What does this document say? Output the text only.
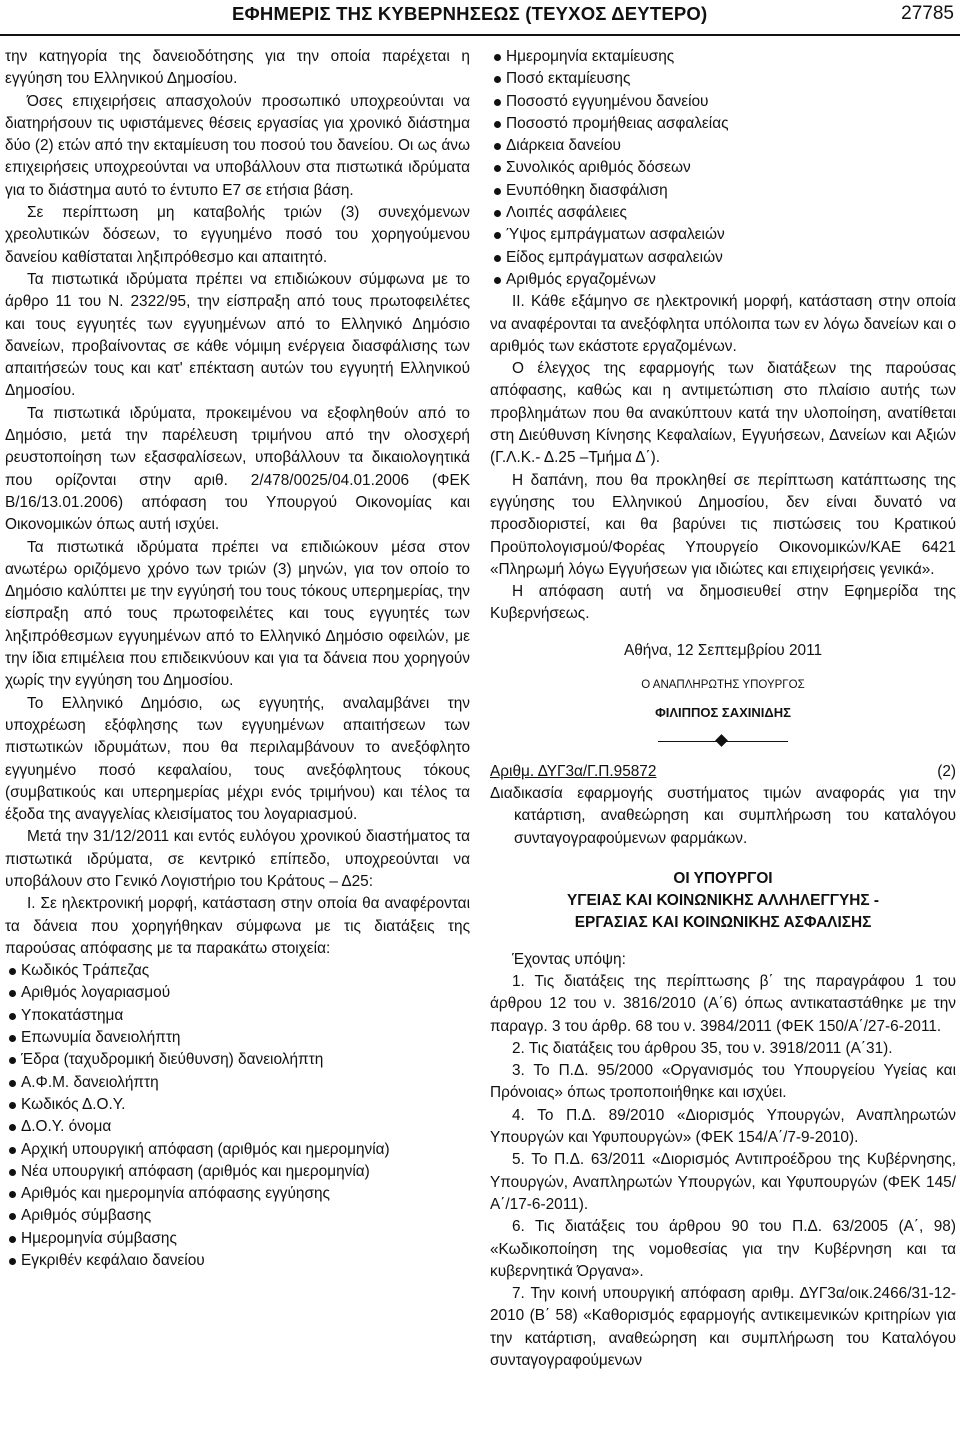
ΕΦΗΜΕΡΙΣ ΤΗΣ ΚΥΒΕΡΝΗΣΕΩΣ (ΤΕΥΧΟΣ ΔΕΥΤΕΡΟ)	27785

την κατηγορία της δανειοδότησης για την οποία παρέχεται η εγγύηση του Ελληνικού Δημοσίου.

Όσες επιχειρήσεις απασχολούν προσωπικό υποχρεούνται να διατηρήσουν τις υφιστάμενες θέσεις εργασίας για χρονικό διάστημα δύο (2) ετών από την εκταμίευση του ποσού του δανείου. Οι ως άνω επιχειρήσεις υποχρεούνται να υποβάλλουν στα πιστωτικά ιδρύματα για το διάστημα αυτό το έντυπο Ε7 σε ετήσια βάση.

Σε περίπτωση μη καταβολής τριών (3) συνεχόμενων χρεολυτικών δόσεων, το εγγυημένο ποσό του χορηγούμενου δανείου καθίσταται ληξιπρόθεσμο και απαιτητό.

Τα πιστωτικά ιδρύματα πρέπει να επιδιώκουν σύμφωνα με το άρθρο 11 του Ν. 2322/95, την είσπραξη από τους πρωτοφειλέτες και τους εγγυητές των εγγυημένων από το Ελληνικό Δημόσιο δανείων, προβαίνοντας σε κάθε νόμιμη ενέργεια διασφάλισης των απαιτήσεών τους και κατ' επέκταση αυτών του εγγυητή Ελληνικού Δημοσίου.

Τα πιστωτικά ιδρύματα, προκειμένου να εξοφληθούν από το Δημόσιο, μετά την παρέλευση τριμήνου από την ολοσχερή ρευστοποίηση των εξασφαλίσεων, υποβάλλουν τα δικαιολογητικά που ορίζονται στην αριθ. 2/478/0025/04.01.2006 (ΦΕΚ Β/16/13.01.2006) απόφαση του Υπουργού Οικονομίας και Οικονομικών όπως αυτή ισχύει.

Τα πιστωτικά ιδρύματα πρέπει να επιδιώκουν μέσα στον ανωτέρω οριζόμενο χρόνο των τριών (3) μηνών, για τον οποίο το Δημόσιο καλύπτει με την εγγύησή του τους τόκους υπερημερίας, την είσπραξη από τους πρωτοφειλέτες και τους εγγυητές των ληξιπρόθεσμων εγγυημένων από το Ελληνικό Δημόσιο οφειλών, με την ίδια επιμέλεια που επιδεικνύουν και για τα δάνεια που χορηγούν χωρίς την εγγύηση του Δημοσίου.

Το Ελληνικό Δημόσιο, ως εγγυητής, αναλαμβάνει την υποχρέωση εξόφλησης των εγγυημένων απαιτήσεων των πιστωτικών ιδρυμάτων, που θα περιλαμβάνουν το ανεξόφλητο εγγυημένο ποσό κεφαλαίου, τους ανεξόφλητους τόκους (συμβατικούς και υπερημερίας μέχρι ενός τριμήνου) και τέλος τα έξοδα της αναγγελίας κλεισίματος του λογαριασμού.

Μετά την 31/12/2011 και εντός ευλόγου χρονικού διαστήματος τα πιστωτικά ιδρύματα, σε κεντρικό επίπεδο, υποχρεούνται να υποβάλουν στο Γενικό Λογιστήριο του Κράτους – Δ25:

Ι. Σε ηλεκτρονική μορφή, κατάσταση στην οποία θα αναφέρονται τα δάνεια που χορηγήθηκαν σύμφωνα με τις διατάξεις της παρούσας απόφασης με τα παρακάτω στοιχεία:

Κωδικός Τράπεζας
Αριθμός λογαριασμού
Υποκατάστημα
Επωνυμία δανειολήπτη
Έδρα (ταχυδρομική διεύθυνση) δανειολήπτη
Α.Φ.Μ. δανειολήπτη
Κωδικός Δ.Ο.Υ.
Δ.Ο.Υ. όνομα
Αρχική υπουργική απόφαση (αριθμός και ημερομηνία)
Νέα υπουργική απόφαση (αριθμός και ημερομηνία)
Αριθμός και ημερομηνία απόφασης εγγύησης
Αριθμός σύμβασης
Ημερομηνία σύμβασης
Εγκριθέν κεφάλαιο δανείου
Ημερομηνία εκταμίευσης
Ποσό εκταμίευσης
Ποσοστό εγγυημένου δανείου
Ποσοστό προμήθειας ασφαλείας
Διάρκεια δανείου
Συνολικός αριθμός δόσεων
Ενυπόθηκη διασφάλιση
Λοιπές ασφάλειες
Ύψος εμπράγματων ασφαλειών
Είδος εμπράγματων ασφαλειών
Αριθμός εργαζομένων

ΙΙ. Κάθε εξάμηνο σε ηλεκτρονική μορφή, κατάσταση στην οποία να αναφέρονται τα ανεξόφλητα υπόλοιπα των εν λόγω δανείων και ο αριθμός των εκάστοτε εργαζομένων.

Ο έλεγχος της εφαρμογής των διατάξεων της παρούσας απόφασης, καθώς και η αντιμετώπιση στο πλαίσιο αυτής των προβλημάτων που θα ανακύπτουν κατά την υλοποίηση, ανατίθεται στη Διεύθυνση Κίνησης Κεφαλαίων, Εγγυήσεων, Δανείων και Αξιών (Γ.Λ.Κ.- Δ.25 –Τμήμα Δ΄).

Η δαπάνη, που θα προκληθεί σε περίπτωση κατάπτωσης της εγγύησης του Ελληνικού Δημοσίου, δεν είναι δυνατό να προσδιοριστεί, και θα βαρύνει τις πιστώσεις του Κρατικού Προϋπολογισμού/Φορέας Υπουργείο Οικονομικών/ΚΑΕ 6421 «Πληρωμή λόγω Εγγυήσεων για ιδιώτες και επιχειρήσεις γενικά».

Η απόφαση αυτή να δημοσιευθεί στην Εφημερίδα της Κυβερνήσεως.

Αθήνα, 12 Σεπτεμβρίου 2011

Ο ΑΝΑΠΛΗΡΩΤΗΣ ΥΠΟΥΡΓΟΣ

ΦΙΛΙΠΠΟΣ ΣΑΧΙΝΙΔΗΣ

Αριθμ. ΔΥΓ3α/Γ.Π.95872	(2)

Διαδικασία εφαρμογής συστήματος τιμών αναφοράς για την κατάρτιση, αναθεώρηση και συμπλήρωση του καταλόγου συνταγογραφούμενων φαρμάκων.

ΟΙ ΥΠΟΥΡΓΟΙ

ΥΓΕΙΑΣ ΚΑΙ ΚΟΙΝΩΝΙΚΗΣ ΑΛΛΗΛΕΓΓΥΗΣ -

ΕΡΓΑΣΙΑΣ ΚΑΙ ΚΟΙΝΩΝΙΚΗΣ ΑΣΦΑΛΙΣΗΣ

Έχοντας υπόψη:

1. Τις διατάξεις της περίπτωσης β΄ της παραγράφου 1 του άρθρου 12 του ν. 3816/2010 (Α΄6) όπως αντικαταστάθηκε με την παραγρ. 3 του άρθρ. 68 του ν. 3984/2011 (ΦΕΚ 150/Α΄/27-6-2011.

2. Τις διατάξεις του άρθρου 35, του ν. 3918/2011 (Α΄31).

3. Το Π.Δ. 95/2000 «Οργανισμός του Υπουργείου Υγείας και Πρόνοιας» όπως τροποποιήθηκε και ισχύει.

4. Το Π.Δ. 89/2010 «Διορισμός Υπουργών, Αναπληρωτών Υπουργών και Υφυπουργών» (ΦΕΚ 154/Α΄/7-9-2010).

5. Το Π.Δ. 63/2011 «Διορισμός Αντιπροέδρου της Κυβέρνησης, Υπουργών, Αναπληρωτών Υπουργών, και Υφυπουργών (ΦΕΚ 145/Α΄/17-6-2011).

6. Τις διατάξεις του άρθρου 90 του Π.Δ. 63/2005 (Α΄, 98) «Κωδικοποίηση της νομοθεσίας για την Κυβέρνηση και τα κυβερνητικά Όργανα».

7. Την κοινή υπουργική απόφαση αριθμ. ΔΥΓ3α/οικ.2466/31-12-2010 (Β΄ 58) «Καθορισμός εφαρμογής αντικειμενικών κριτηρίων για την κατάρτιση, αναθεώρηση και συμπλήρωση του Καταλόγου συνταγογραφούμενων
